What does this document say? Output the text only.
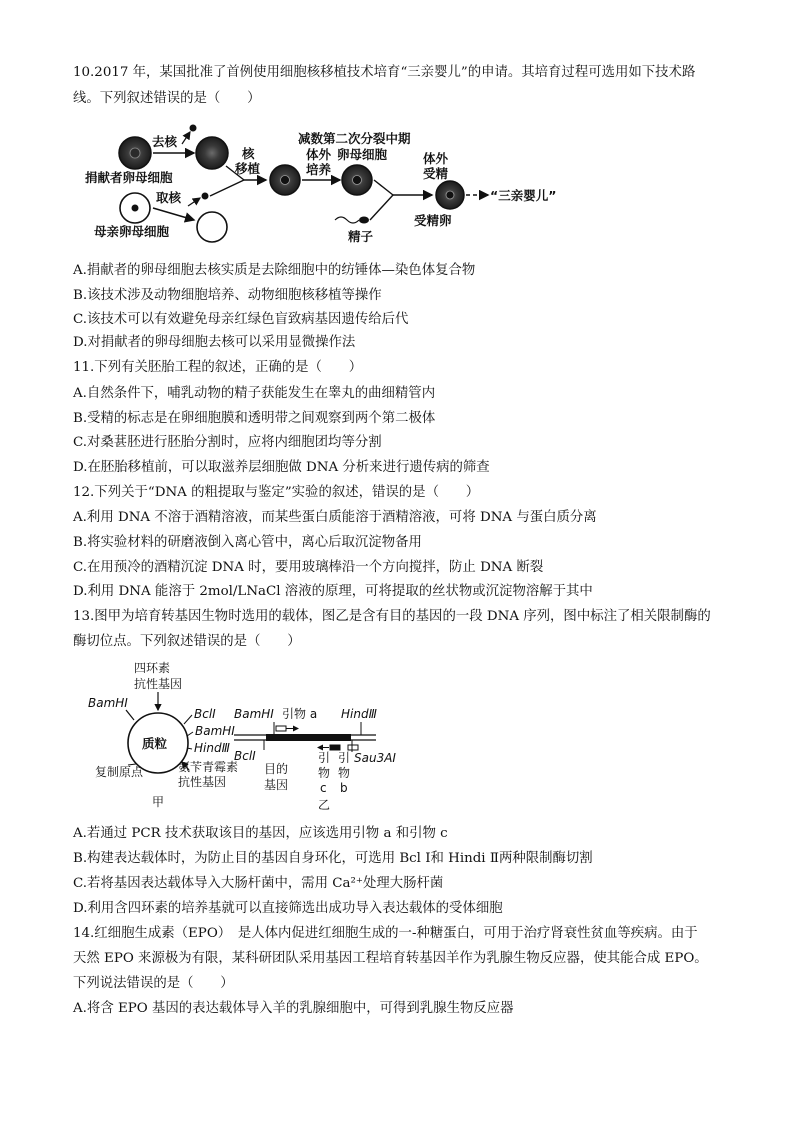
10.2017 年，某国批准了首例使用细胞核移植技术培育“三亲婴儿”的申请。其培育过程可选用如下技术路
线。下列叙述错误的是（　　）
捐献者卵母细胞
去核
母亲卵母细胞
取核
核
移植
减数第二次分裂中期
体外
培养
卵母细胞
精子
体外
受精
受精卵
“三亲婴儿”
A.捐献者的卵母细胞去核实质是去除细胞中的纺锤体—染色体复合物
B.该技术涉及动物细胞培养、动物细胞核移植等操作
C.该技术可以有效避免母亲红绿色盲致病基因遗传给后代
D.对捐献者的卵母细胞去核可以采用显微操作法
11.下列有关胚胎工程的叙述，正确的是（　　）
A.自然条件下，哺乳动物的精子获能发生在睾丸的曲细精管内
B.受精的标志是在卵细胞膜和透明带之间观察到两个第二极体
C.对桑葚胚进行胚胎分割时，应将内细胞团均等分割
D.在胚胎移植前，可以取滋养层细胞做 DNA 分析来进行遗传病的筛查
12.下列关于“DNA 的粗提取与鉴定”实验的叙述，错误的是（　　）
A.利用 DNA 不溶于酒精溶液，而某些蛋白质能溶于酒精溶液，可将 DNA 与蛋白质分离
B.将实验材料的研磨液倒入离心管中，离心后取沉淀物备用
C.在用预冷的酒精沉淀 DNA 时，要用玻璃棒沿一个方向搅拌，防止 DNA 断裂
D.利用 DNA 能溶于 2mol/LNaCl 溶液的原理，可将提取的丝状物或沉淀物溶解于其中
13.图甲为培育转基因生物时选用的载体，图乙是含有目的基因的一段 DNA 序列，图中标注了相关限制酶的
酶切位点。下列叙述错误的是（　　）
四环素
抗性基因
BamHⅠ
质粒
BclⅠ
BamHⅠ
HindⅢ
氨苄青霉素
抗性基因
复制原点
甲
BamHⅠ 引物 a HindⅢ
BclⅠ
目的
基因
引
物
c
引
物
b
Sau3AⅠ
乙
A.若通过 PCR 技术获取该目的基因，应该选用引物 a 和引物 c
B.构建表达载体时，为防止目的基因自身环化，可选用 Bcl Ⅰ和 Hindi Ⅱ两种限制酶切割
C.若将基因表达载体导入大肠杆菌中，需用 Ca²⁺处理大肠杆菌
D.利用含四环素的培养基就可以直接筛选出成功导入表达载体的受体细胞
14.红细胞生成素（EPO）　是人体内促进红细胞生成的一-种糖蛋白，可用于治疗肾衰性贫血等疾病。由于
天然 EPO 来源极为有限，某科研团队采用基因工程培育转基因羊作为乳腺生物反应器，使其能合成 EPO。
下列说法错误的是（　　）
A.将含 EPO 基因的表达载体导入羊的乳腺细胞中，可得到乳腺生物反应器
